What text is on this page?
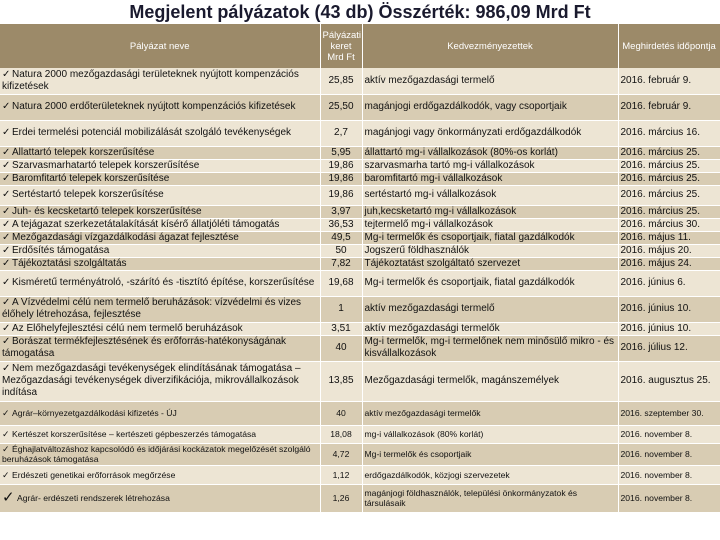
Megjelent pályázatok (43 db) Összérték: 986,09 Mrd Ft
Pályázat neve	Pályázati keret Mrd Ft	Kedvezményezettek	Meghirdetés időpontja
✓ Natura 2000 mezőgazdasági területeknek nyújtott kompenzációs kifizetések	25,85	aktív mezőgazdasági termelő	2016. február 9.
✓ Natura 2000 erdőterületeknek nyújtott kompenzációs kifizetések	25,50	magánjogi erdőgazdálkodók, vagy csoportjaik	2016. február 9.
✓ Erdei termelési potenciál mobilizálását szolgáló tevékenységek	2,7	magánjogi vagy önkormányzati erdőgazdálkodók	2016. március 16.
✓ Állattartó telepek korszerűsítése	5,95	állattartó mg-i vállalkozások (80%-os korlát)	2016. március 25.
✓ Szarvasmarhatartó telepek korszerűsítése	19,86	szarvasmarha tartó mg-i vállalkozások	2016. március 25.
✓ Baromfitartó telepek korszerűsítése	19,86	baromfitartó mg-i vállalkozások	2016. március 25.
✓ Sertéstartó telepek korszerűsítése	19,86	sertéstartó mg-i vállalkozások	2016. március 25.
✓ Juh- és kecsketartó telepek korszerűsítése	3,97	juh,kecsketartó mg-i vállalkozások	2016. március 25.
✓ A tejágazat szerkezetátalakítását kísérő állatjóléti támogatás	36,53	tejtermelő mg-i vállalkozások	2016. március 30.
✓ Mezőgazdasági vízgazdálkodási ágazat fejlesztése	49,5	Mg-i termelők és csoportjaik, fiatal gazdálkodók	2016. május 11.
✓ Erdősítés támogatása	50	Jogszerű földhasználók	2016. május 20.
✓ Tájékoztatási szolgáltatás	7,82	Tájékoztatást szolgáltató szervezet	2016. május 24.
✓ Kisméretű terményátroló, -szárító és -tisztító építése, korszerűsítése	19,68	Mg-i termelők és csoportjaik, fiatal gazdálkodók	2016. június 6.
✓ A Vízvédelmi célú nem termelő beruházások: vízvédelmi és vizes élőhely létrehozása, fejlesztése	1	aktív mezőgazdasági termelő	2016. június 10.
✓ Az Élőhelyfejlesztési célú nem termelő beruházások	3,51	aktív mezőgazdasági termelők	2016. június 10.
✓ Borászat termékfejlesztésének és erőforrás-hatékonyságának támogatása	40	Mg-i termelők, mg-i termelőnek nem minősülő mikro - és kisvállalkozások	2016. július 12.
✓ Nem mezőgazdasági tevékenységek elindításának támogatása – Mezőgazdasági tevékenységek diverzifikációja, mikrovállalkozások indítása	13,85	Mezőgazdasági termelők, magánszemélyek	2016. augusztus 25.
✓ Agrár–környezetgazdálkodási kifizetés - ÚJ	40	aktív mezőgazdasági termelők	2016. szeptember 30.
✓ Kertészet korszerűsítése – kertészeti gépbeszerzés támogatása	18,08	mg-i vállalkozások (80% korlát)	2016. november 8.
✓ Éghajlatváltozáshoz kapcsolódó és időjárási kockázatok megelőzését szolgáló beruházások támogatása	4,72	Mg-i termelők és csoportjaik	2016. november 8.
✓ Erdészeti genetikai erőforrások megőrzése	1,12	erdőgazdálkodók, közjogi szervezetek	2016. november 8.
✓ Agrár- erdészeti rendszerek létrehozása	1,26	magánjogi földhasználók, települési önkormányzatok és társulásaik	2016. november 8.
